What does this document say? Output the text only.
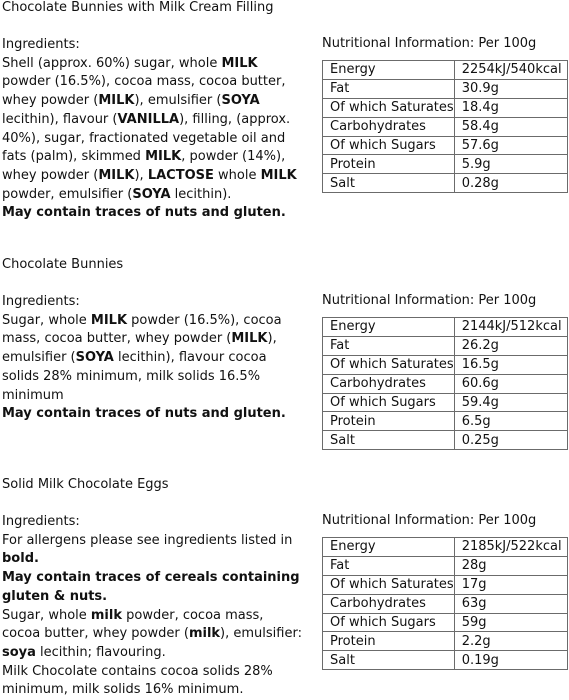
Chocolate Bunnies with Milk Cream Filling

Ingredients:

Shell (approx. 60%) sugar, whole MILK powder (16.5%), cocoa mass, cocoa butter, whey powder (MILK), emulsifier (SOYA lecithin), flavour (VANILLA), filling, (approx. 40%), sugar, fractionated vegetable oil and fats (palm), skimmed MILK, powder (14%), whey powder (MILK), LACTOSE whole MILK powder, emulsifier (SOYA lecithin).

May contain traces of nuts and gluten.

Nutritional Information: Per 100g
Energy	2254kJ/540kcal
Fat	30.9g
Of which Saturates	18.4g
Carbohydrates	58.4g
Of which Sugars	57.6g
Protein	5.9g
Salt	0.28g
Chocolate Bunnies

Ingredients:

Sugar, whole MILK powder (16.5%), cocoa mass, cocoa butter, whey powder (MILK), emulsifier (SOYA lecithin), flavour cocoa solids 28% minimum, milk solids 16.5% minimum

May contain traces of nuts and gluten.

Nutritional Information: Per 100g
Energy	2144kJ/512kcal
Fat	26.2g
Of which Saturates	16.5g
Carbohydrates	60.6g
Of which Sugars	59.4g
Protein	6.5g
Salt	0.25g
Solid Milk Chocolate Eggs

Ingredients:

For allergens please see ingredients listed in bold.

May contain traces of cereals containing gluten & nuts.

Sugar, whole milk powder, cocoa mass, cocoa butter, whey powder (milk), emulsifier: soya lecithin; flavouring.

Milk Chocolate contains cocoa solids 28% minimum, milk solids 16% minimum.

Nutritional Information: Per 100g
Energy	2185kJ/522kcal
Fat	28g
Of which Saturates	17g
Carbohydrates	63g
Of which Sugars	59g
Protein	2.2g
Salt	0.19g
